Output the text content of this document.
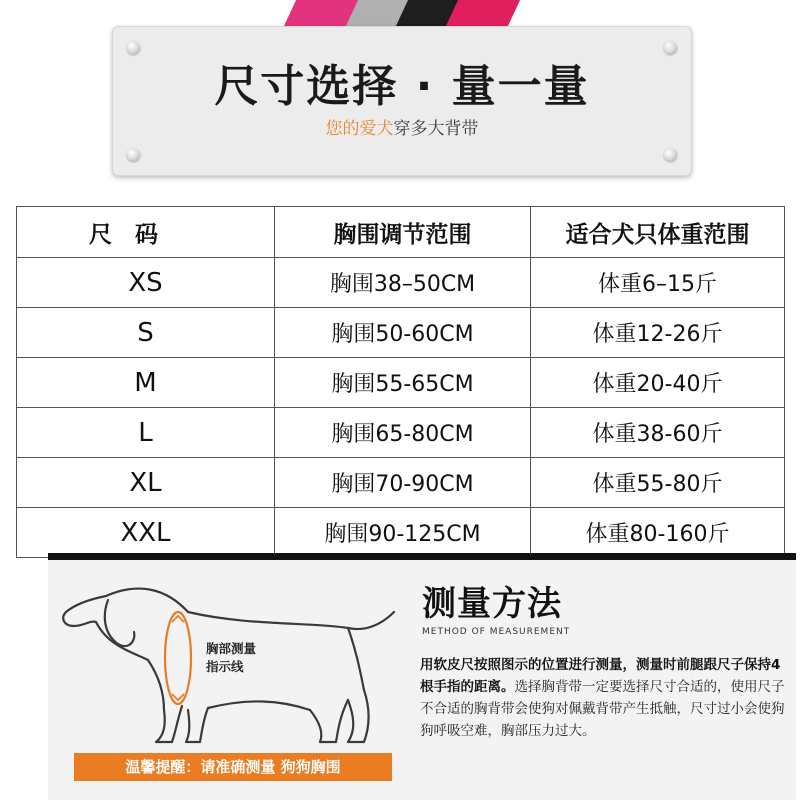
尺寸选择 · 量一量
您的爱犬穿多大背带
尺　码	胸围调节范围	适合犬只体重范围
XS	胸围38–50CM	体重6–15斤
S	胸围50-60CM	体重12-26斤
M	胸围55-65CM	体重20-40斤
L	胸围65-80CM	体重38-60斤
XL	胸围70-90CM	体重55-80斤
XXL	胸围90-125CM	体重80-160斤
胸部测量
指示线
温馨提醒：请准确测量 狗狗胸围
测量方法
METHOD OF MEASUREMENT
用软皮尺按照图示的位置进行测量，测量时前腿跟尺子保持4根手指的距离。选择胸背带一定要选择尺寸合适的，使用尺子不合适的胸背带会使狗对佩戴背带产生抵触，尺寸过小会使狗狗呼吸空难，胸部压力过大。
